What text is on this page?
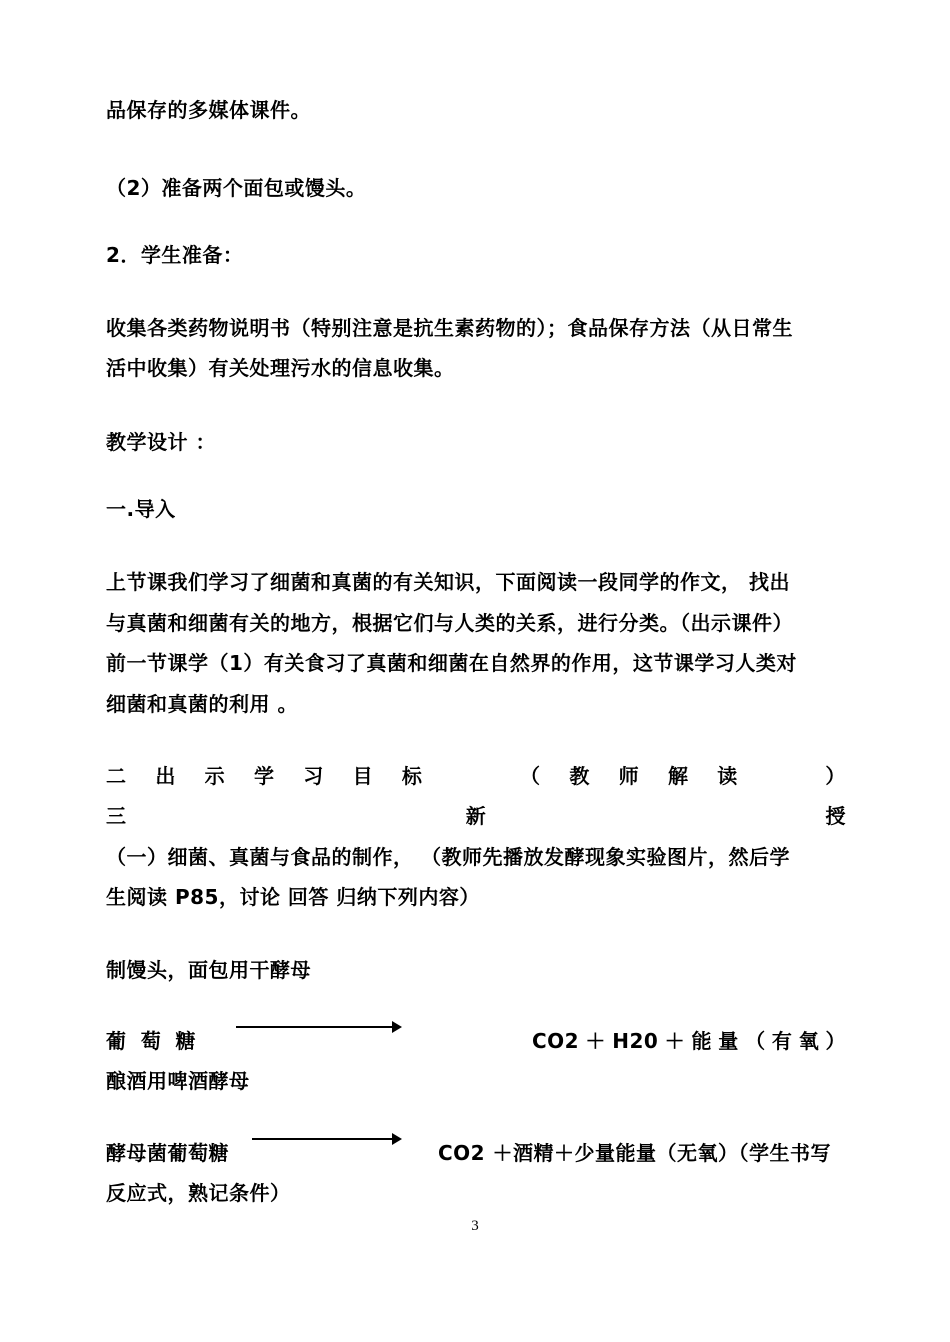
品保存的多媒体课件。
（2）准备两个面包或馒头。
2．学生准备：
收集各类药物说明书（特别注意是抗生素药物的）；食品保存方法（从日常生
活中收集）有关处理污水的信息收集。
教学设计 ：
一.导入
上节课我们学习了细菌和真菌的有关知识，下面阅读一段同学的作文， 找出
与真菌和细菌有关的地方，根据它们与人类的关系，进行分类。（出示课件）
前一节课学（1）有关食习了真菌和细菌在自然界的作用，这节课学习人类对
细菌和真菌的利用 。
二 出 示 学 习 目 标	（ 教 师 解 读	）
三	新	授
（一）细菌、真菌与食品的制作， （教师先播放发酵现象实验图片，然后学
生阅读 P85，讨论 回答 归纳下列内容）
制馒头，面包用干酵母
葡 萄 糖	CO2 ＋ H20 ＋ 能 量 （ 有 氧 ）
酿酒用啤酒酵母
酵母菌葡萄糖	CO2 ＋酒精＋少量能量（无氧）（学生书写
反应式，熟记条件）
3
